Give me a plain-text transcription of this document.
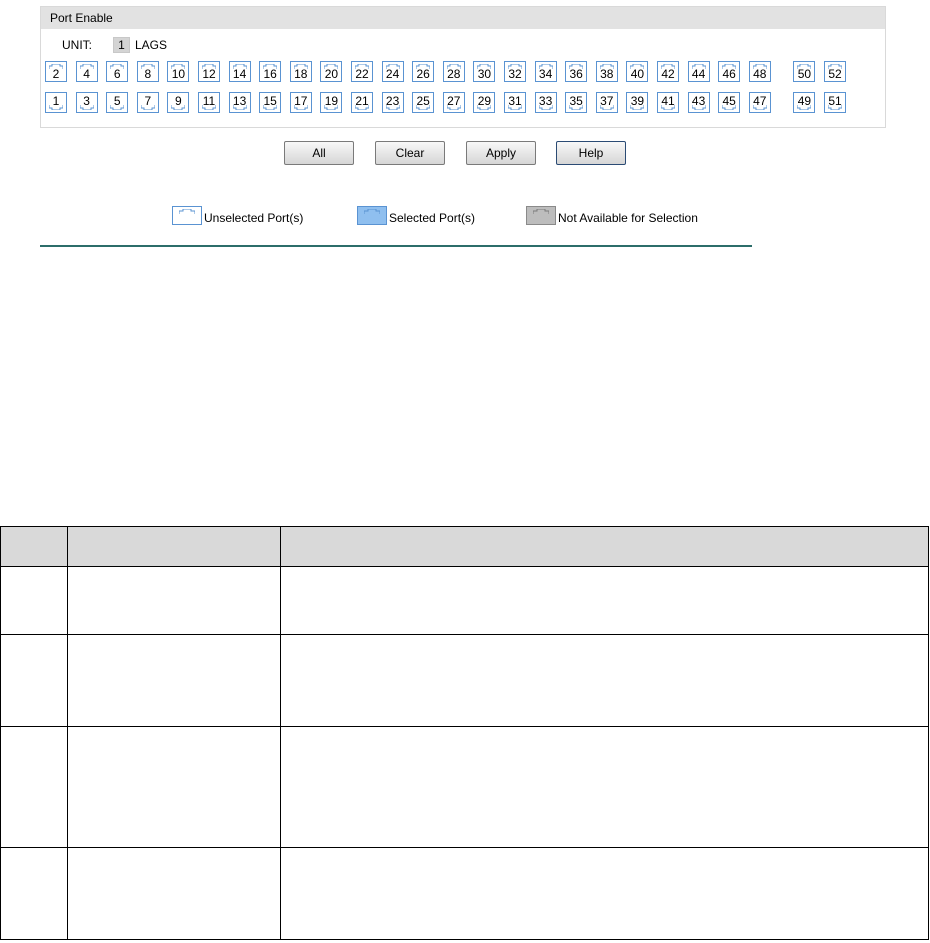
Port Enable
UNIT:	1 LAGS
2	4	6	8	10 12 14 16 18 20 22 24 26 28 30 32 34 36 38 40 42 44 46 48	50 52
1	3	5	7	9	11	13 15 17 19 21 23 25 27 29 31 33 35 37 39 41 43 45 47	49 51
All	Clear	Apply	Help
Unselected Port(s)	Selected Port(s)	Not Available for Selection
